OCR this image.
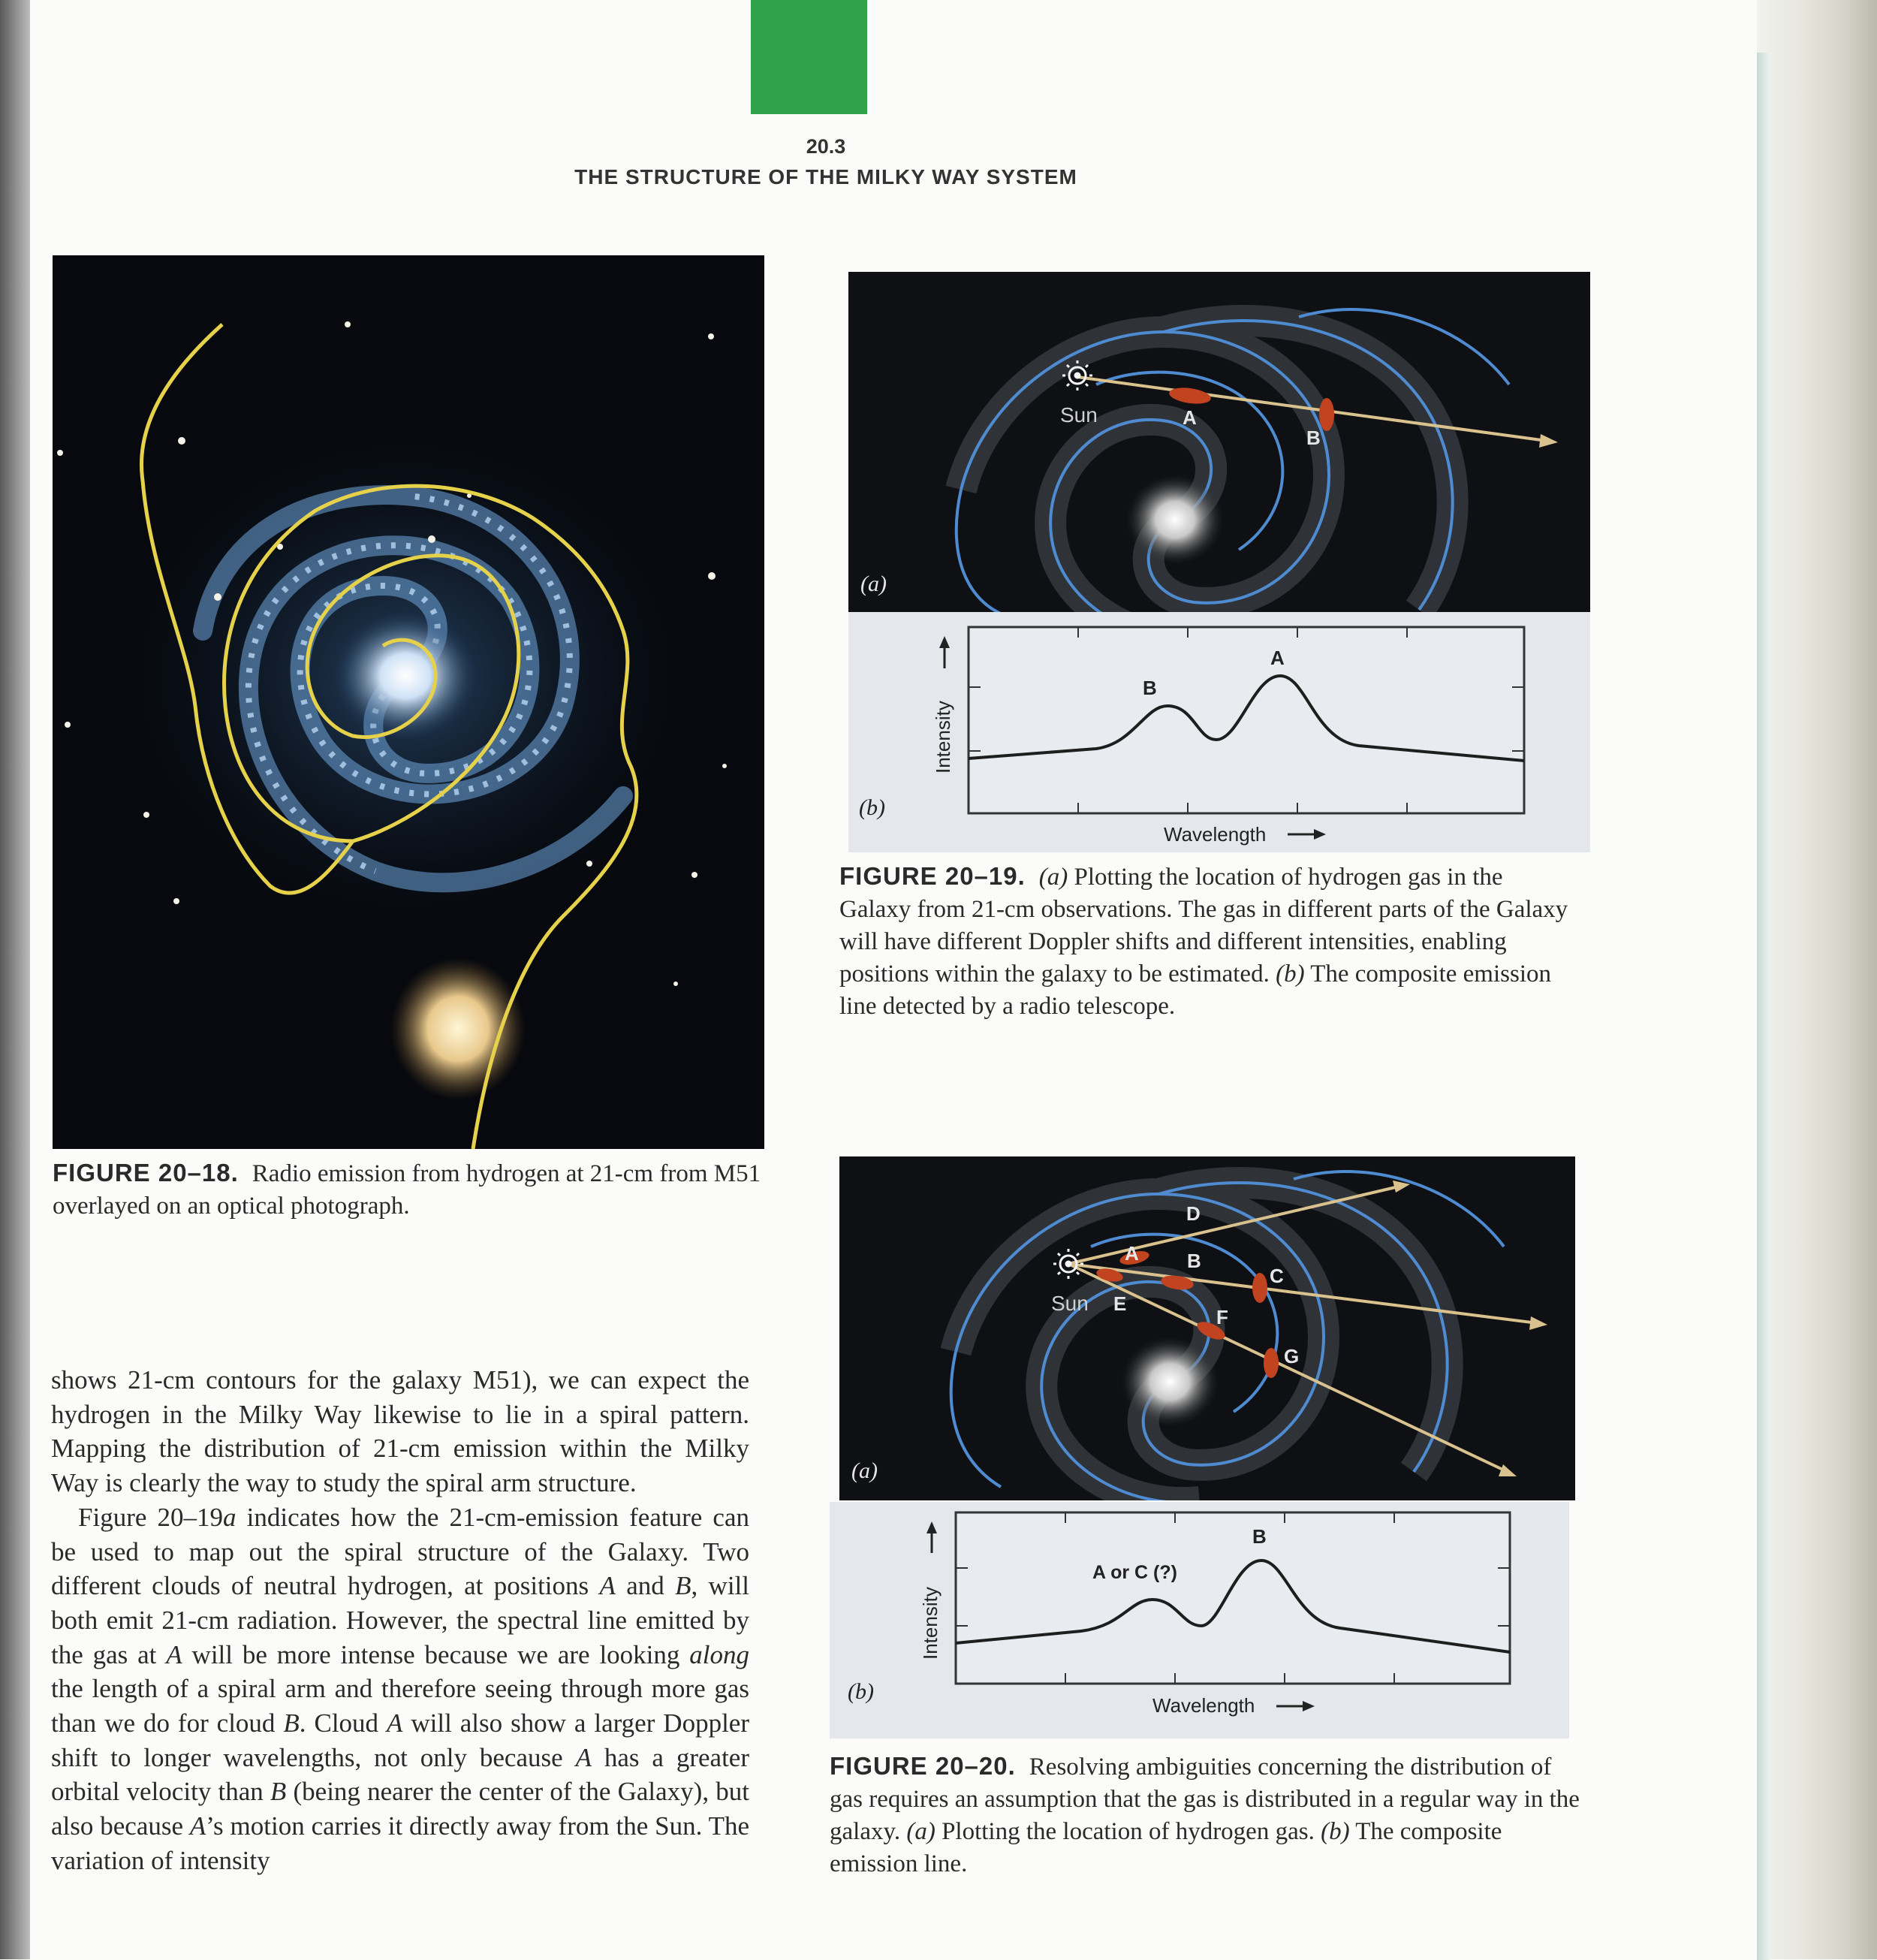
20.3
THE STRUCTURE OF THE MILKY WAY SYSTEM
FIGURE 20–18. Radio emission from hydrogen at 21-cm from M51 overlayed on an optical photograph.
Sun	A
B
(a)
B
A
Intensity
Wavelength
(b)
FIGURE 20–19. (a) Plotting the location of hydrogen gas in the Galaxy from 21-cm observations. The gas in different parts of the Galaxy will have different Doppler shifts and different intensities, enabling positions within the galaxy to be estimated. (b) The composite emission line detected by a radio telescope.
Sun
A B
C
D
E
F
G
(a)
A or C (?)
B
Intensity
Wavelength
(b)
FIGURE 20–20. Resolving ambiguities concerning the distribution of gas requires an assumption that the gas is distributed in a regular way in the galaxy. (a) Plotting the location of hydrogen gas. (b) The composite emission line.

shows 21-cm contours for the galaxy M51), we can expect the hydrogen in the Milky Way likewise to lie in a spiral pattern. Mapping the distribution of 21-cm emission within the Milky Way is clearly the way to study the spiral arm structure.

Figure 20–19a indicates how the 21-cm-emission feature can be used to map out the spiral structure of the Galaxy. Two different clouds of neutral hydrogen, at positions A and B, will both emit 21-cm radiation. However, the spectral line emitted by the gas at A will be more intense because we are looking along the length of a spiral arm and therefore seeing through more gas than we do for cloud B. Cloud A will also show a larger Doppler shift to longer wavelengths, not only because A has a greater orbital velocity than B (being nearer the center of the Galaxy), but also because A’s motion carries it directly away from the Sun. The variation of intensity
